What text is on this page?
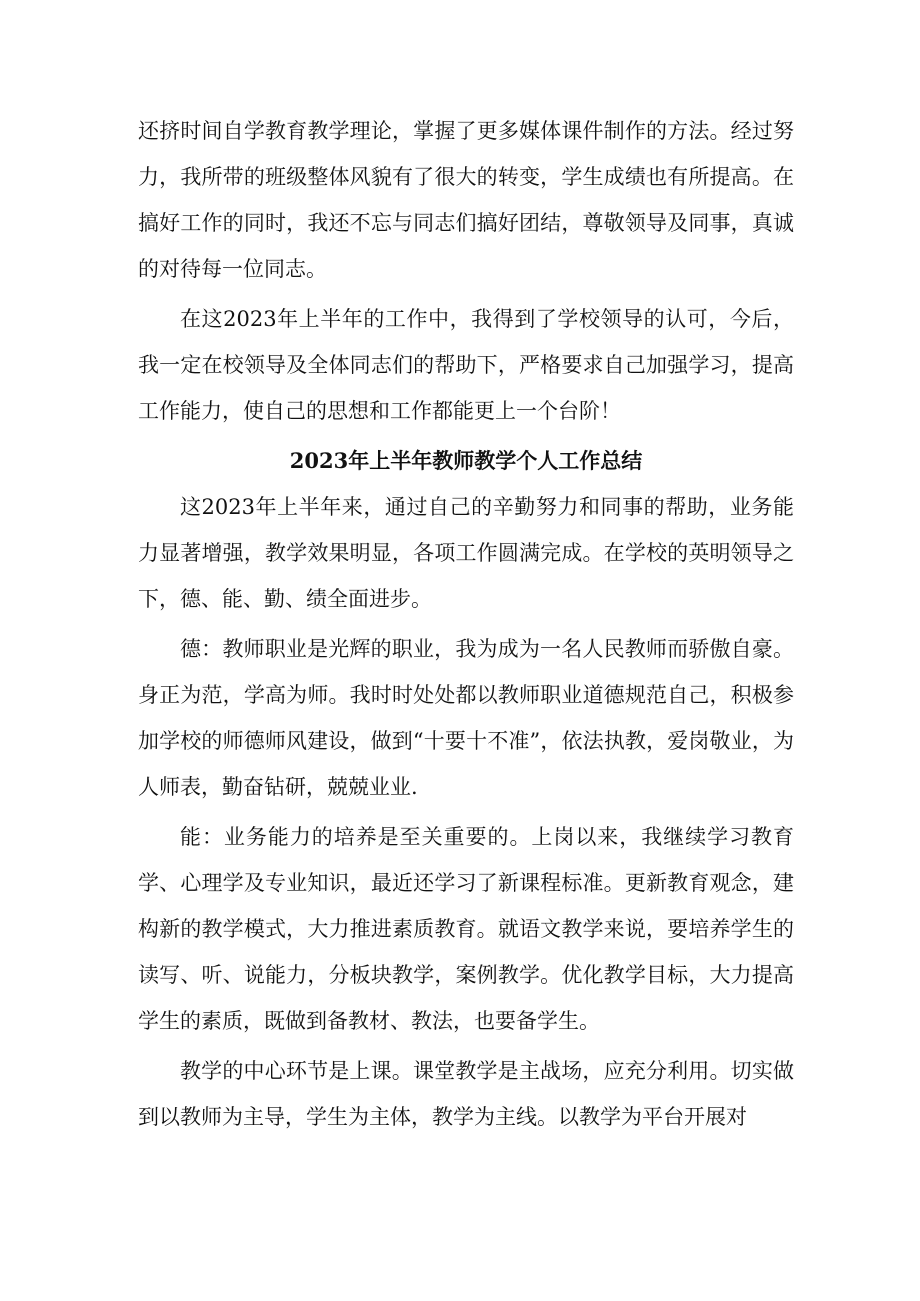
还挤时间自学教育教学理论，掌握了更多媒体课件制作的方法。经过努力，我所带的班级整体风貌有了很大的转变，学生成绩也有所提高。在搞好工作的同时，我还不忘与同志们搞好团结，尊敬领导及同事，真诚的对待每一位同志。

在这2023年上半年的工作中，我得到了学校领导的认可，今后，我一定在校领导及全体同志们的帮助下，严格要求自己加强学习，提高工作能力，使自己的思想和工作都能更上一个台阶！

2023年上半年教师教学个人工作总结

这2023年上半年来，通过自己的辛勤努力和同事的帮助，业务能力显著增强，教学效果明显，各项工作圆满完成。在学校的英明领导之下，德、能、勤、绩全面进步。

德：教师职业是光辉的职业，我为成为一名人民教师而骄傲自豪。身正为范，学高为师。我时时处处都以教师职业道德规范自己，积极参加学校的师德师风建设，做到“十要十不准”，依法执教，爱岗敬业，为人师表，勤奋钻研，兢兢业业.

能：业务能力的培养是至关重要的。上岗以来，我继续学习教育学、心理学及专业知识，最近还学习了新课程标准。更新教育观念，建构新的教学模式，大力推进素质教育。就语文教学来说，要培养学生的读写、听、说能力，分板块教学，案例教学。优化教学目标，大力提高学生的素质，既做到备教材、教法，也要备学生。

教学的中心环节是上课。课堂教学是主战场，应充分利用。切实做到以教师为主导，学生为主体，教学为主线。以教学为平台开展对
